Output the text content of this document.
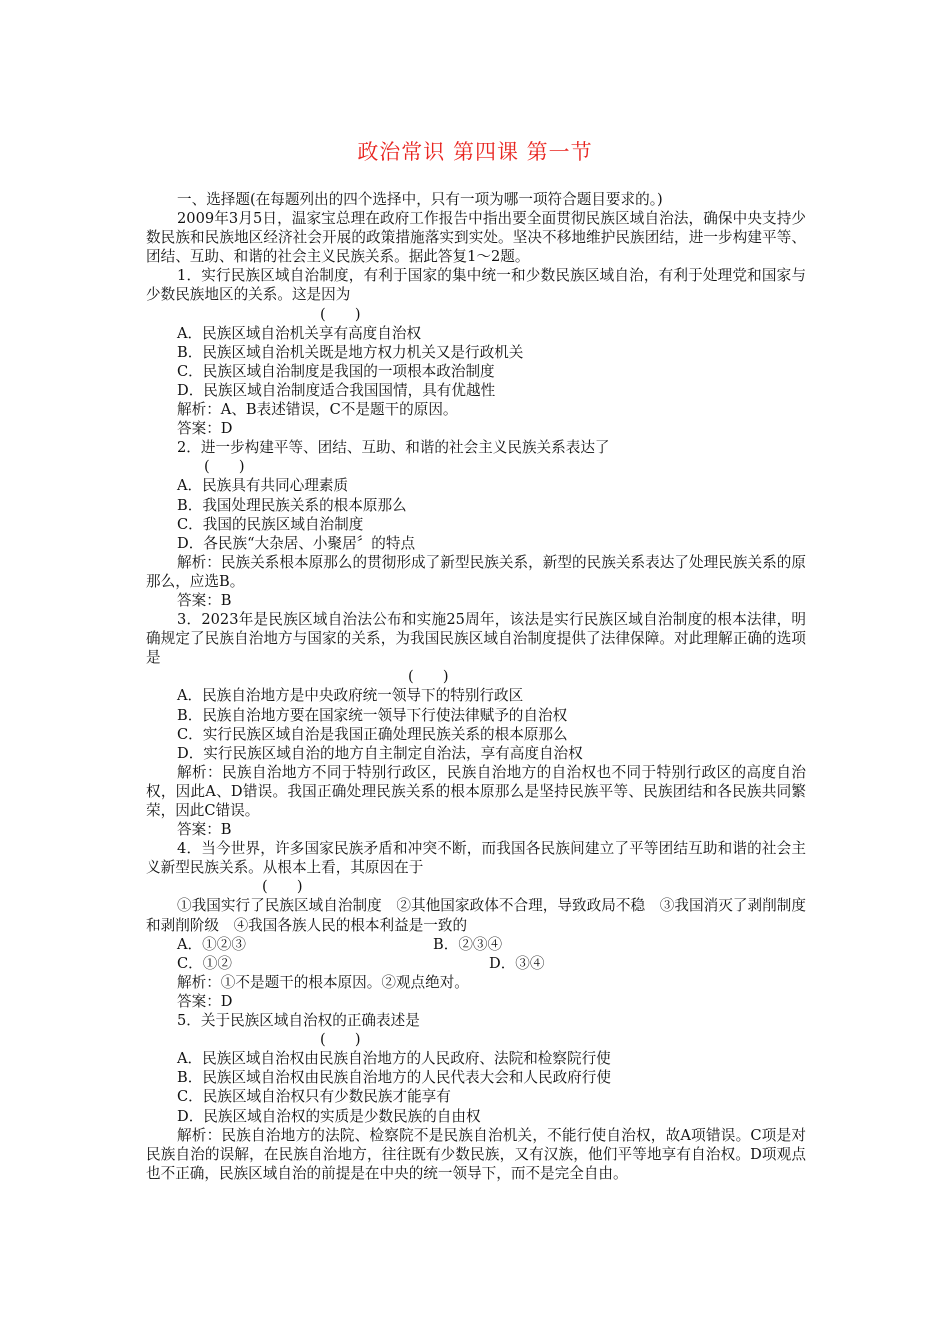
政治常识 第四课 第一节

一、选择题(在每题列出的四个选择中，只有一项为哪一项符合题目要求的。)

2009年3月5日，温家宝总理在政府工作报告中指出要全面贯彻民族区域自治法，确保中央支持少数民族和民族地区经济社会开展的政策措施落实到实处。坚决不移地维护民族团结，进一步构建平等、团结、互助、和谐的社会主义民族关系。据此答复1～2题。

1．实行民族区域自治制度，有利于国家的集中统一和少数民族区域自治，有利于处理党和国家与少数民族地区的关系。这是因为

(　　)

A．民族区域自治机关享有高度自治权

B．民族区域自治机关既是地方权力机关又是行政机关

C．民族区域自治制度是我国的一项根本政治制度

D．民族区域自治制度适合我国国情，具有优越性

解析：A、B表述错误，C不是题干的原因。

答案：D

2．进一步构建平等、团结、互助、和谐的社会主义民族关系表达了

(　　)

A．民族具有共同心理素质

B．我国处理民族关系的根本原那么

C．我国的民族区域自治制度

D．各民族“大杂居、小聚居〞的特点

解析：民族关系根本原那么的贯彻形成了新型民族关系，新型的民族关系表达了处理民族关系的原那么，应选B。

答案：B

3．2023年是民族区域自治法公布和实施25周年，该法是实行民族区域自治制度的根本法律，明确规定了民族自治地方与国家的关系，为我国民族区域自治制度提供了法律保障。对此理解正确的选项是

(　　)

A．民族自治地方是中央政府统一领导下的特别行政区

B．民族自治地方要在国家统一领导下行使法律赋予的自治权

C．实行民族区域自治是我国正确处理民族关系的根本原那么

D．实行民族区域自治的地方自主制定自治法，享有高度自治权

解析：民族自治地方不同于特别行政区，民族自治地方的自治权也不同于特别行政区的高度自治权，因此A、D错误。我国正确处理民族关系的根本原那么是坚持民族平等、民族团结和各民族共同繁荣，因此C错误。

答案：B

4．当今世界，许多国家民族矛盾和冲突不断，而我国各民族间建立了平等团结互助和谐的社会主义新型民族关系。从根本上看，其原因在于

(　　)

①我国实行了民族区域自治制度　②其他国家政体不合理，导致政局不稳　③我国消灭了剥削制度和剥削阶级　④我国各族人民的根本利益是一致的

A．①②③	B．②③④
C．①②	D．③④

解析：①不是题干的根本原因。②观点绝对。

答案：D

5．关于民族区域自治权的正确表述是

(　　)

A．民族区域自治权由民族自治地方的人民政府、法院和检察院行使

B．民族区域自治权由民族自治地方的人民代表大会和人民政府行使

C．民族区域自治权只有少数民族才能享有

D．民族区域自治权的实质是少数民族的自由权

解析：民族自治地方的法院、检察院不是民族自治机关，不能行使自治权，故A项错误。C项是对民族自治的误解，在民族自治地方，往往既有少数民族，又有汉族，他们平等地享有自治权。D项观点也不正确，民族区域自治的前提是在中央的统一领导下，而不是完全自由。
